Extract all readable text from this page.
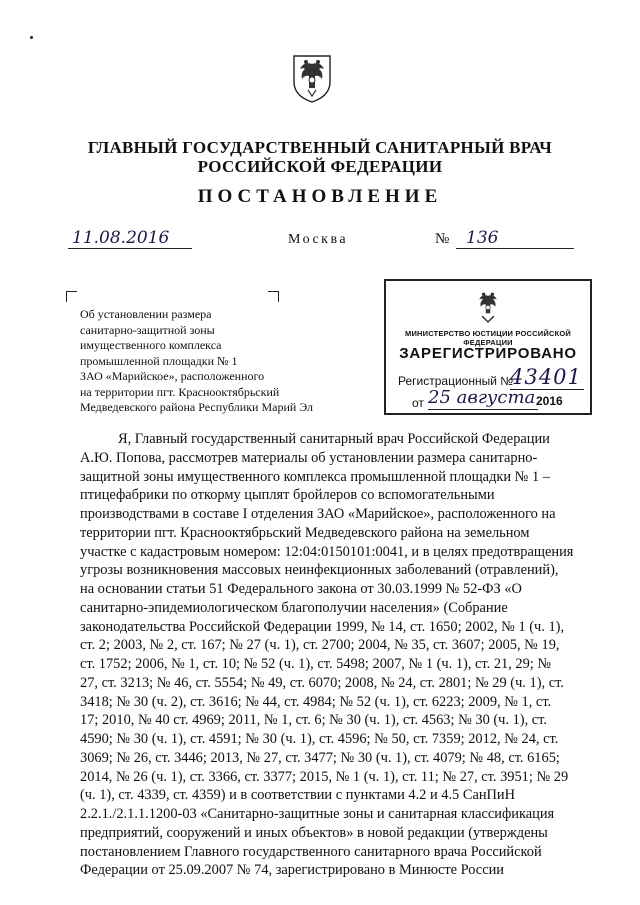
ГЛАВНЫЙ ГОСУДАРСТВЕННЫЙ САНИТАРНЫЙ ВРАЧ
РОССИЙСКОЙ ФЕДЕРАЦИИ
ПОСТАНОВЛЕНИЕ
11.08.2016	Москва	№ 136
Об установлении размера
санитарно-защитной зоны
имущественного комплекса
промышленной площадки № 1
ЗАО «Марийское», расположенного
на территории пгт. Красноoктябрьский
Медведевского района Республики Марий Эл
МИНИСТЕРСТВО ЮСТИЦИИ РОССИЙСКОЙ ФЕДЕРАЦИИ
ЗАРЕГИСТРИРОВАНО
Регистрационный №
43401
от 25 августа 2016
Я, Главный государственный санитарный врач Российской Федерации
А.Ю. Попова, рассмотрев материалы об установлении размера санитарно-
защитной зоны имущественного комплекса промышленной площадки № 1 –
птицефабрики по откорму цыплят бройлеров со вспомогательными
производствами в составе I отделения ЗАО «Марийское», расположенного на
территории пгт. Красноoктябрьский Медведевского района на земельном
участке с кадастровым номером: 12:04:0150101:0041, и в целях предотвращения
угрозы возникновения массовых неинфекционных заболеваний (отравлений),
на основании статьи 51 Федерального закона от 30.03.1999 № 52-ФЗ «О
санитарно-эпидемиологическом благополучии населения» (Собрание
законодательства Российской Федерации 1999, № 14, ст. 1650; 2002, № 1 (ч. 1),
ст. 2; 2003, № 2, ст. 167; № 27 (ч. 1), ст. 2700; 2004, № 35, ст. 3607; 2005, № 19,
ст. 1752; 2006, № 1, ст. 10; № 52 (ч. 1), ст. 5498; 2007, № 1 (ч. 1), ст. 21, 29; №
27, ст. 3213; № 46, ст. 5554; № 49, ст. 6070; 2008, № 24, ст. 2801; № 29 (ч. 1), ст.
3418; № 30 (ч. 2), ст. 3616; № 44, ст. 4984; № 52 (ч. 1), ст. 6223; 2009, № 1, ст.
17; 2010, № 40 ст. 4969; 2011, № 1, ст. 6; № 30 (ч. 1), ст. 4563; № 30 (ч. 1), ст.
4590; № 30 (ч. 1), ст. 4591; № 30 (ч. 1), ст. 4596; № 50, ст. 7359; 2012, № 24, ст.
3069; № 26, ст. 3446; 2013, № 27, ст. 3477; № 30 (ч. 1), ст. 4079; № 48, ст. 6165;
2014, № 26 (ч. 1), ст. 3366, ст. 3377; 2015, № 1 (ч. 1), ст. 11; № 27, ст. 3951; № 29
(ч. 1), ст. 4339, ст. 4359) и в соответствии с пунктами 4.2 и 4.5 СанПиН
2.2.1./2.1.1.1200-03 «Санитарно-защитные зоны и санитарная классификация
предприятий, сооружений и иных объектов» в новой редакции (утверждены
постановлением Главного государственного санитарного врача Российской
Федерации от 25.09.2007 № 74, зарегистрировано в Минюсте России
